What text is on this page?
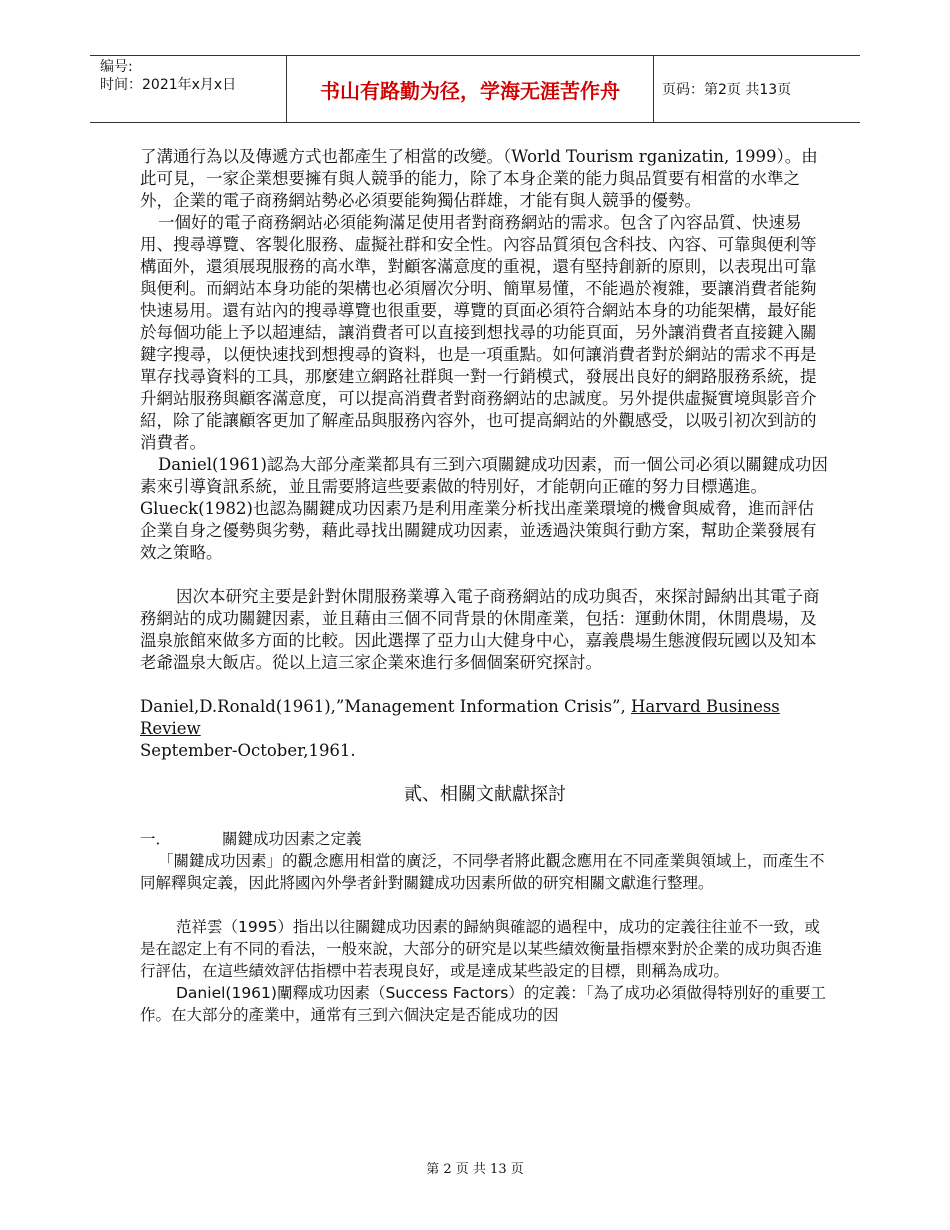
编号:
时间：2021年x月x日	书山有路勤为径，学海无涯苦作舟	页码：第2页 共13页

了溝通行為以及傳遞方式也都產生了相當的改變。（World Tourism rganizatin, 1999）。由此可見，一家企業想要擁有與人競爭的能力，除了本身企業的能力與品質要有相當的水準之外，企業的電子商務網站勢必必須要能夠獨佔群雄，才能有與人競爭的優勢。

一個好的電子商務網站必須能夠滿足使用者對商務網站的需求。包含了內容品質、快速易用、搜尋導覽、客製化服務、虛擬社群和安全性。內容品質須包含科技、內容、可靠與便利等構面外，還須展現服務的高水準，對顧客滿意度的重視，還有堅持創新的原則，以表現出可靠與便利。而網站本身功能的架構也必須層次分明、簡單易懂，不能過於複雜，要讓消費者能夠快速易用。還有站內的搜尋導覽也很重要，導覽的頁面必須符合網站本身的功能架構，最好能於每個功能上予以超連結，讓消費者可以直接到想找尋的功能頁面，另外讓消費者直接鍵入關鍵字搜尋，以便快速找到想搜尋的資料，也是一項重點。如何讓消費者對於網站的需求不再是單存找尋資料的工具，那麼建立網路社群與一對一行銷模式，發展出良好的網路服務系統，提升網站服務與顧客滿意度，可以提高消費者對商務網站的忠誠度。另外提供虛擬實境與影音介紹，除了能讓顧客更加了解產品與服務內容外，也可提高網站的外觀感受，以吸引初次到訪的消費者。

Daniel(1961)認為大部分產業都具有三到六項關鍵成功因素，而一個公司必須以關鍵成功因素來引導資訊系統，並且需要將這些要素做的特別好，才能朝向正確的努力目標邁進。Glueck(1982)也認為關鍵成功因素乃是利用產業分析找出產業環境的機會與威脅，進而評估企業自身之優勢與劣勢，藉此尋找出關鍵成功因素，並透過決策與行動方案，幫助企業發展有效之策略。

因次本研究主要是針對休閒服務業導入電子商務網站的成功與否，來探討歸納出其電子商務網站的成功關鍵因素，並且藉由三個不同背景的休閒產業，包括：運動休閒，休閒農場，及溫泉旅館來做多方面的比較。因此選擇了亞力山大健身中心，嘉義農場生態渡假玩國以及知本老爺溫泉大飯店。從以上這三家企業來進行多個個案研究探討。

Daniel,D.Ronald(1961),”Management Information Crisis”, Harvard Business Review
September-October,1961.

貳、相關文献獻探討

一．	關鍵成功因素之定義

「關鍵成功因素」的觀念應用相當的廣泛，不同學者將此觀念應用在不同產業與領域上，而產生不同解釋與定義，因此將國內外學者針對關鍵成功因素所做的研究相關文獻進行整理。

范祥雲（1995）指出以往關鍵成功因素的歸納與確認的過程中，成功的定義往往並不一致，或是在認定上有不同的看法，一般來說，大部分的研究是以某些績效衡量指標來對於企業的成功與否進行評估，在這些績效評估指標中若表現良好，或是達成某些設定的目標，則稱為成功。

Daniel(1961)闡釋成功因素（Success Factors）的定義：「為了成功必須做得特別好的重要工作。在大部分的產業中，通常有三到六個決定是否能成功的因

第 2 页 共 13 页
